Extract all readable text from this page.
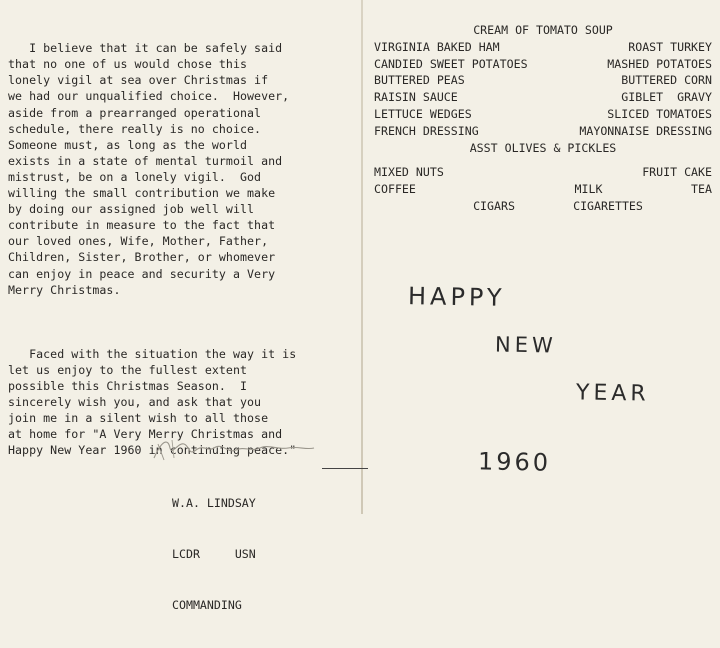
I believe that it can be safely said
that no one of us would chose this
lonely vigil at sea over Christmas if
we had our unqualified choice.  However,
aside from a prearranged operational
schedule, there really is no choice.
Someone must, as long as the world
exists in a state of mental turmoil and
mistrust, be on a lonely vigil.  God
willing the small contribution we make
by doing our assigned job well will
contribute in measure to the fact that
our loved ones, Wife, Mother, Father,
Children, Sister, Brother, or whomever
can enjoy in peace and security a Very
Merry Christmas.

Faced with the situation the way it is
let us enjoy to the fullest extent
possible this Christmas Season.  I
sincerely wish you, and ask that you
join me in a silent wish to all those
at home for "A Very Merry Christmas and
Happy New Year 1960 in continuing peace."

W.A. LINDSAY

LCDR     USN

COMMANDING

CREAM OF TOMATO SOUP
VIRGINIA BAKED HAM	ROAST TURKEY
CANDIED SWEET POTATOES	MASHED POTATOES
BUTTERED PEAS	BUTTERED CORN
RAISIN SAUCE	GIBLET  GRAVY
LETTUCE WEDGES	SLICED TOMATOES
FRENCH DRESSING	MAYONNAISE DRESSING
ASST OLIVES & PICKLES
MIXED NUTS	FRUIT CAKE
COFFEE	MILK	TEA
CIGARS	CIGARETTES
HAPPY
NEW
YEAR
1960
